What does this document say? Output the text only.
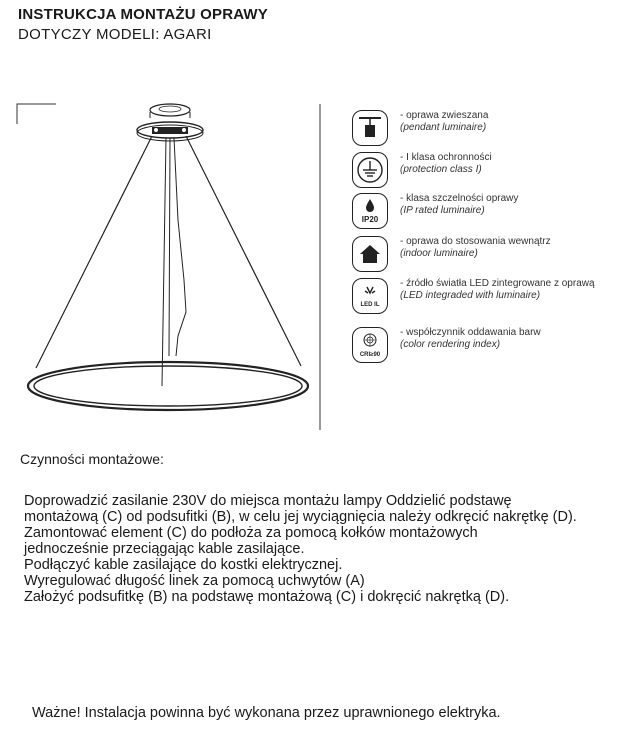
INSTRUKCJA MONTAŻU OPRAWY
DOTYCZY MODELI: AGARI
- oprawa zwieszana
(pendant luminaire)
- I klasa ochronności
(protection class I)
IP20
- klasa szczelności oprawy
(IP rated luminaire)
- oprawa do stosowania wewnątrz
(indoor luminaire)
LED IL
- źródło światła LED zintegrowane z oprawą
(LED integraded with luminaire)
CRI≥90
- współczynnik oddawania barw
(color rendering index)
Czynności montażowe:
Doprowadzić zasilanie 230V do miejsca montażu lampy Oddzielić podstawę
montażową (C) od podsufitki (B), w celu jej wyciągnięcia należy odkręcić nakrętkę (D).
Zamontować element (C) do podłoża za pomocą kołków montażowych
jednocześnie przeciągając kable zasilające.
Podłączyć kable zasilające do kostki elektrycznej.
Wyregulować długość linek za pomocą uchwytów (A)
Założyć podsufitkę (B) na podstawę montażową (C) i dokręcić nakrętką (D).
Ważne! Instalacja powinna być wykonana przez uprawnionego elektryka.
